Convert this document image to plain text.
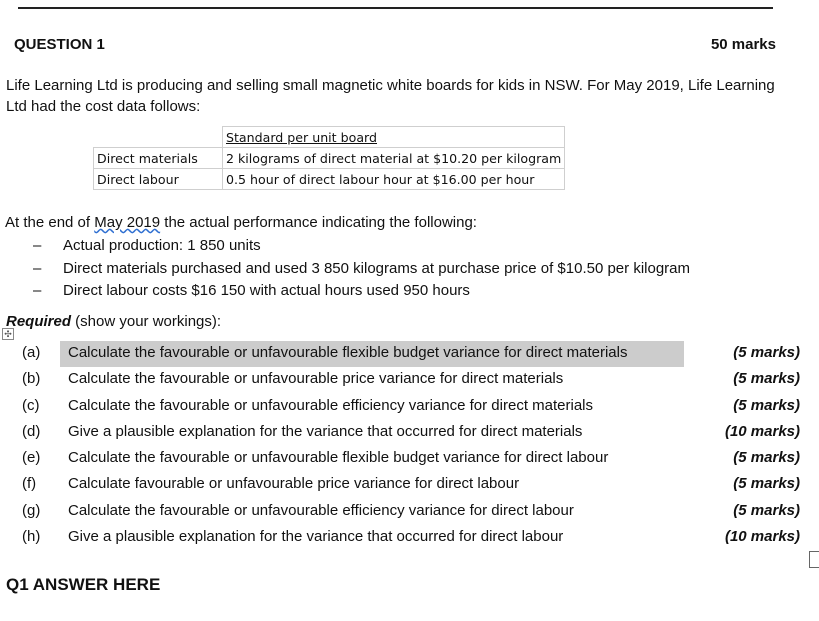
QUESTION 1	50 marks
Life Learning Ltd is producing and selling small magnetic white boards for kids in NSW. For May 2019, Life Learning Ltd had the cost data follows:
	Standard per unit board
Direct materials	2 kilograms of direct material at $10.20 per kilogram
Direct labour	0.5 hour of direct labour hour at $16.00 per hour
At the end of May 2019 the actual performance indicating the following:
– Actual production: 1 850 units
– Direct materials purchased and used 3 850 kilograms at purchase price of $10.50 per kilogram
– Direct labour costs $16 150 with actual hours used 950 hours
Required (show your workings):
✣
(a) Calculate the favourable or unfavourable flexible budget variance for direct materials	(5 marks)
(b) Calculate the favourable or unfavourable price variance for direct materials	(5 marks)
(c) Calculate the favourable or unfavourable efficiency variance for direct materials	(5 marks)
(d) Give a plausible explanation for the variance that occurred for direct materials	(10 marks)
(e) Calculate the favourable or unfavourable flexible budget variance for direct labour	(5 marks)
(f) Calculate favourable or unfavourable price variance for direct labour	(5 marks)
(g) Calculate the favourable or unfavourable efficiency variance for direct labour	(5 marks)
(h) Give a plausible explanation for the variance that occurred for direct labour	(10 marks)
Q1 ANSWER HERE
